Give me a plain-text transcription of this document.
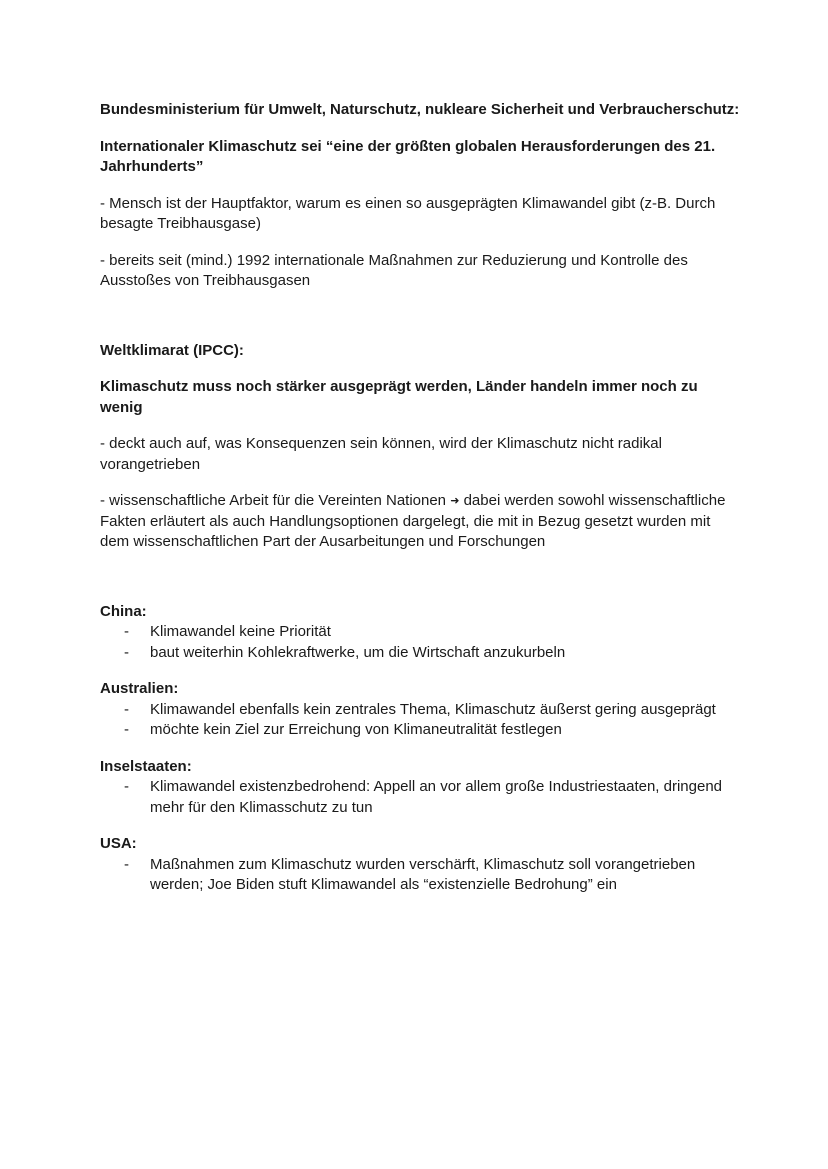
Bundesministerium für Umwelt, Naturschutz, nukleare Sicherheit und Verbraucherschutz:

Internationaler Klimaschutz sei “eine der größten globalen Herausforderungen des 21. Jahrhunderts”

- Mensch ist der Hauptfaktor, warum es einen so ausgeprägten Klimawandel gibt (z-B. Durch besagte Treibhausgase)

- bereits seit (mind.) 1992 internationale Maßnahmen zur Reduzierung und Kontrolle des Ausstoßes von Treibhausgasen

Weltklimarat (IPCC):

Klimaschutz muss noch stärker ausgeprägt werden, Länder handeln immer noch zu wenig

- deckt auch auf, was Konsequenzen sein können, wird der Klimaschutz nicht radikal vorangetrieben

- wissenschaftliche Arbeit für die Vereinten Nationen ➜ dabei werden sowohl wissenschaftliche Fakten erläutert als auch Handlungsoptionen dargelegt, die mit in Bezug gesetzt wurden mit dem wissenschaftlichen Part der Ausarbeitungen und Forschungen

China:

- Klimawandel keine Priorität
- baut weiterhin Kohlekraftwerke, um die Wirtschaft anzukurbeln

Australien:

- Klimawandel ebenfalls kein zentrales Thema, Klimaschutz äußerst gering ausgeprägt
- möchte kein Ziel zur Erreichung von Klimaneutralität festlegen

Inselstaaten:

- Klimawandel existenzbedrohend: Appell an vor allem große Industriestaaten, dringend mehr für den Klimasschutz zu tun

USA:

- Maßnahmen zum Klimaschutz wurden verschärft, Klimaschutz soll vorangetrieben werden; Joe Biden stuft Klimawandel als “existenzielle Bedrohung” ein
